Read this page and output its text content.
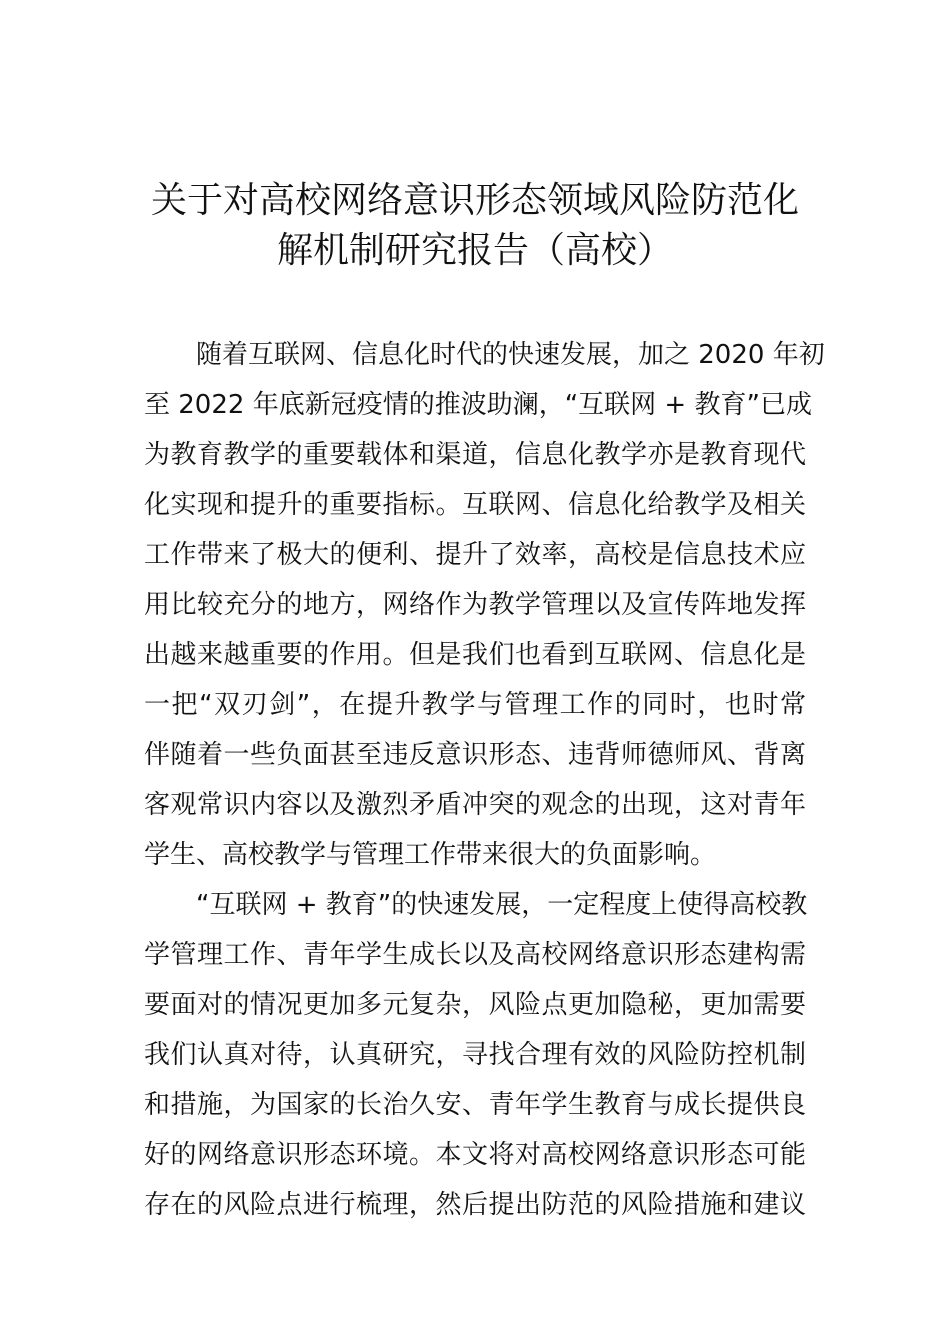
关于对高校网络意识形态领域风险防范化
解机制研究报告（高校）
随着互联网、信息化时代的快速发展，加之 2020 年初
至 2022 年底新冠疫情的推波助澜，“互联网 + 教育”已成
为教育教学的重要载体和渠道，信息化教学亦是教育现代
化实现和提升的重要指标。互联网、信息化给教学及相关
工作带来了极大的便利、提升了效率，高校是信息技术应
用比较充分的地方，网络作为教学管理以及宣传阵地发挥
出越来越重要的作用。但是我们也看到互联网、信息化是
一把“双刃剑”，在提升教学与管理工作的同时，也时常
伴随着一些负面甚至违反意识形态、违背师德师风、背离
客观常识内容以及激烈矛盾冲突的观念的出现，这对青年
学生、高校教学与管理工作带来很大的负面影响。
“互联网 + 教育”的快速发展，一定程度上使得高校教
学管理工作、青年学生成长以及高校网络意识形态建构需
要面对的情况更加多元复杂，风险点更加隐秘，更加需要
我们认真对待，认真研究，寻找合理有效的风险防控机制
和措施，为国家的长治久安、青年学生教育与成长提供良
好的网络意识形态环境。本文将对高校网络意识形态可能
存在的风险点进行梳理，然后提出防范的风险措施和建议
